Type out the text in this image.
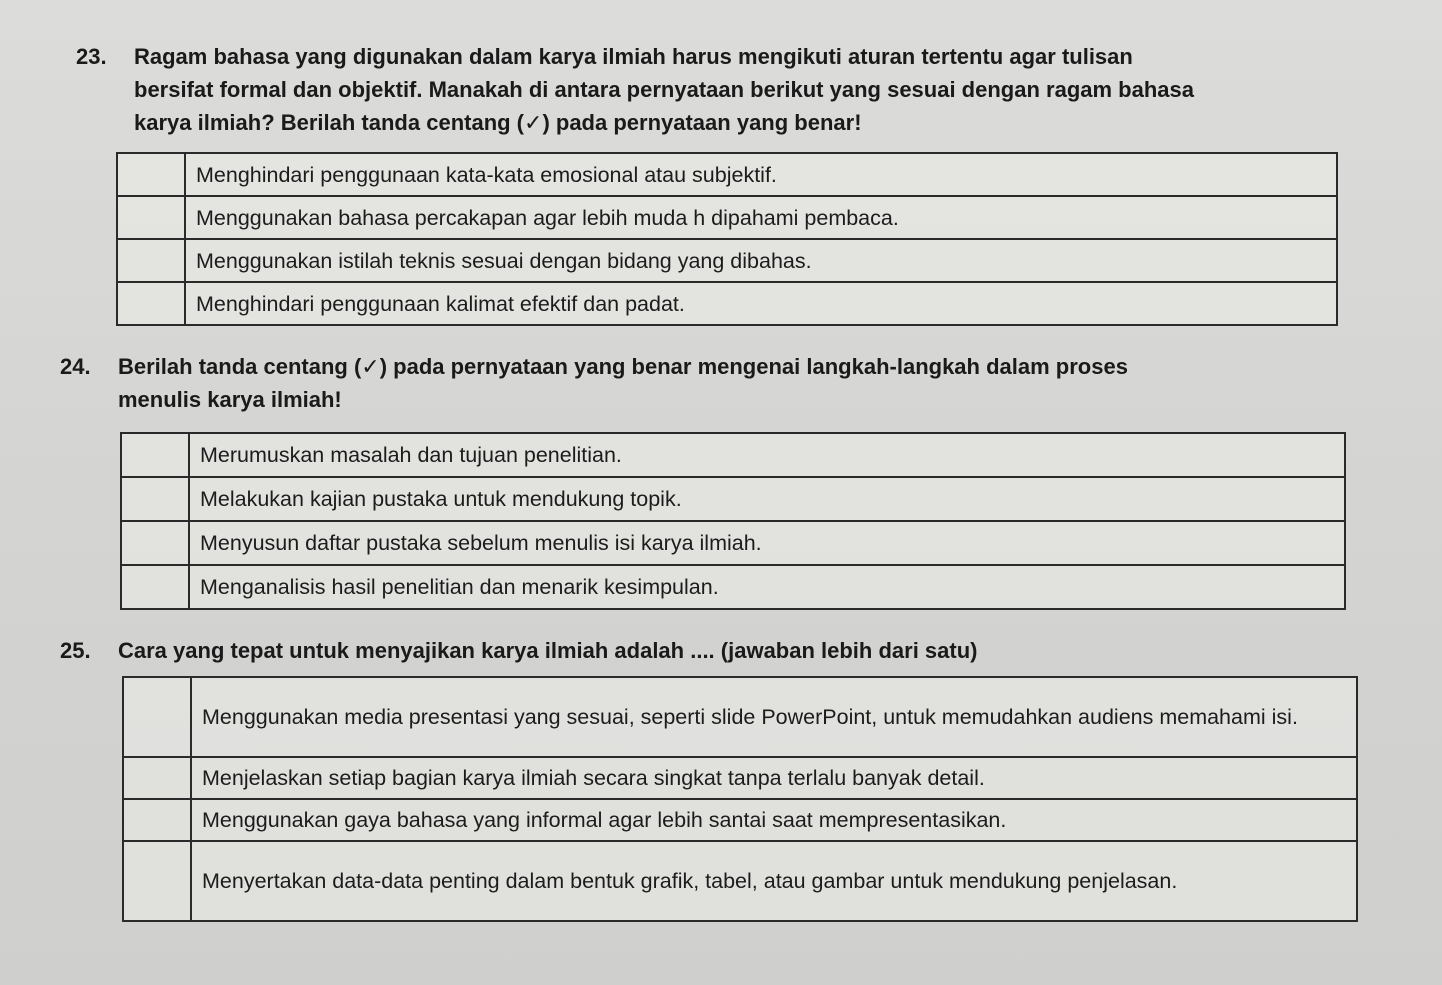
23. Ragam bahasa yang digunakan dalam karya ilmiah harus mengikuti aturan tertentu agar tulisan
bersifat formal dan objektif. Manakah di antara pernyataan berikut yang sesuai dengan ragam bahasa
karya ilmiah? Berilah tanda centang (✓) pada pernyataan yang benar!
	Menghindari penggunaan kata-kata emosional atau subjektif.
	Menggunakan bahasa percakapan agar lebih muda h dipahami pembaca.
	Menggunakan istilah teknis sesuai dengan bidang yang dibahas.
	Menghindari penggunaan kalimat efektif dan padat.
24. Berilah tanda centang (✓) pada pernyataan yang benar mengenai langkah-langkah dalam proses
menulis karya ilmiah!
	Merumuskan masalah dan tujuan penelitian.
	Melakukan kajian pustaka untuk mendukung topik.
	Menyusun daftar pustaka sebelum menulis isi karya ilmiah.
	Menganalisis hasil penelitian dan menarik kesimpulan.
25. Cara yang tepat untuk menyajikan karya ilmiah adalah .... (jawaban lebih dari satu)
	Menggunakan media presentasi yang sesuai, seperti slide PowerPoint, untuk memudahkan audiens memahami isi.
	Menjelaskan setiap bagian karya ilmiah secara singkat tanpa terlalu banyak detail.
	Menggunakan gaya bahasa yang informal agar lebih santai saat mempresentasikan.
	Menyertakan data-data penting dalam bentuk grafik, tabel, atau gambar untuk mendukung penjelasan.
